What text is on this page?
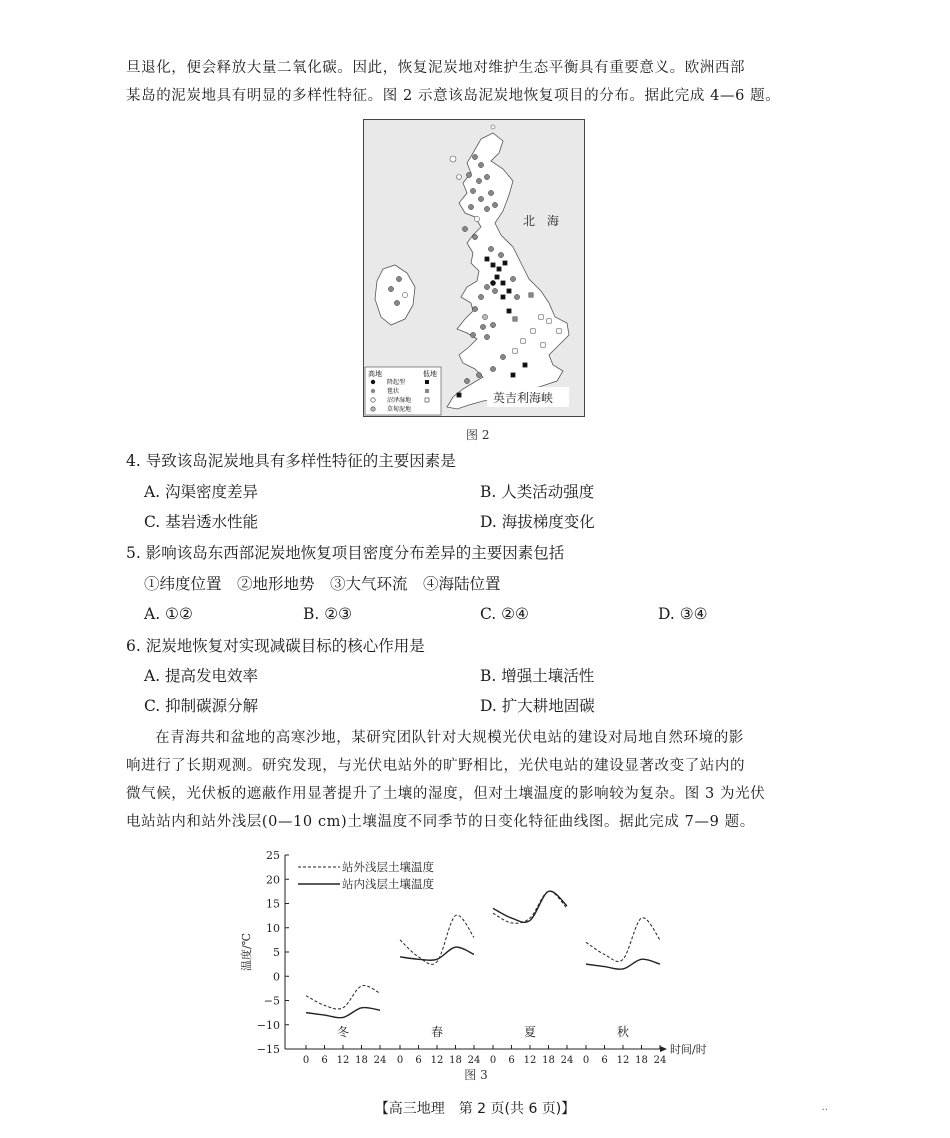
旦退化，便会释放大量二氧化碳。因此，恢复泥炭地对维护生态平衡具有重要意义。欧洲西部
某岛的泥炭地具有明显的多样性特征。图 2 示意该岛泥炭地恢复项目的分布。据此完成 4—6 题。
北　海
高地	低地
降起型
毯状
沼泽湿地
草甸泥地
英吉利海峡
图 2
4. 导致该岛泥炭地具有多样性特征的主要因素是
A. 沟渠密度差异	B. 人类活动强度
C. 基岩透水性能	D. 海拔梯度变化
5. 影响该岛东西部泥炭地恢复项目密度分布差异的主要因素包括
①纬度位置　②地形地势　③大气环流　④海陆位置
A. ①②	B. ②③	C. ②④	D. ③④
6. 泥炭地恢复对实现减碳目标的核心作用是
A. 提高发电效率	B. 增强土壤活性
C. 抑制碳源分解	D. 扩大耕地固碳
在青海共和盆地的高寒沙地，某研究团队针对大规模光伏电站的建设对局地自然环境的影
响进行了长期观测。研究发现，与光伏电站外的旷野相比，光伏电站的建设显著改变了站内的
微气候，光伏板的遮蔽作用显著提升了土壤的湿度，但对土壤温度的影响较为复杂。图 3 为光伏
电站站内和站外浅层(0—10 cm)土壤温度不同季节的日变化特征曲线图。据此完成 7—9 题。
25
20
15
10
5
0
−5
−10
−15
温度/℃
0 6 12 18 24
冬
0 6 12 18 24
春
0 6 12 18 24
夏
0 6 12 18 24
秋
时间/时
图 3
站外浅层土壤温度
站内浅层土壤温度
【高三地理　第 2 页(共 6 页)】	··
